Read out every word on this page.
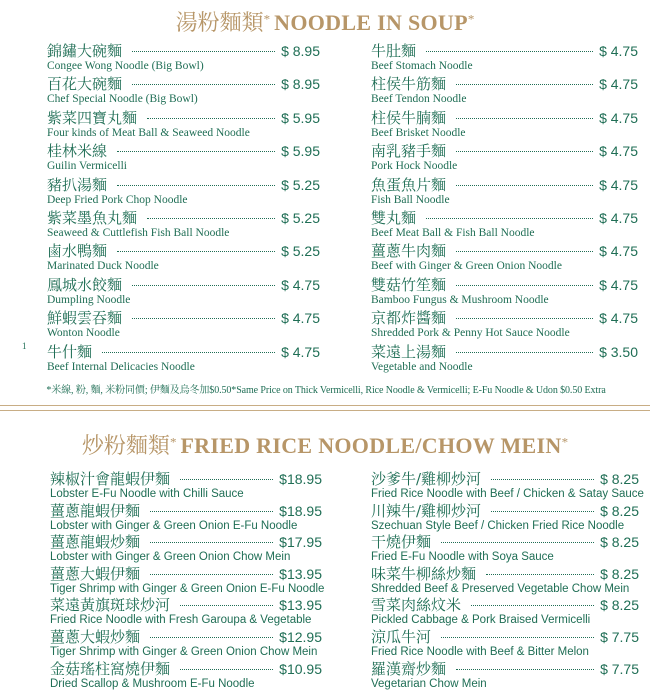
湯粉麵類* NOODLE IN SOUP*
錦鏽大碗麵	$ 8.95
Congee Wong Noodle (Big Bowl)
百花大碗麵	$ 8.95
Chef Special Noodle (Big Bowl)
紫菜四寶丸麵	$ 5.95
Four kinds of Meat Ball & Seaweed Noodle
桂林米線	$ 5.95
Guilin Vermicelli
豬扒湯麵	$ 5.25
Deep Fried Pork Chop Noodle
紫菜墨魚丸麵	$ 5.25
Seaweed & Cuttlefish Fish Ball Noodle
鹵水鴨麵	$ 5.25
Marinated Duck Noodle
鳳城水餃麵	$ 4.75
Dumpling Noodle
鮮蝦雲吞麵	$ 4.75
Wonton Noodle
牛什麵	$ 4.75
Beef Internal Delicacies Noodle
牛肚麵	$ 4.75
Beef Stomach Noodle
柱侯牛筋麵	$ 4.75
Beef Tendon Noodle
柱侯牛腩麵	$ 4.75
Beef Brisket Noodle
南乳豬手麵	$ 4.75
Pork Hock Noodle
魚蛋魚片麵	$ 4.75
Fish Ball Noodle
雙丸麵	$ 4.75
Beef Meat Ball & Fish Ball Noodle
薑蔥牛肉麵	$ 4.75
Beef with Ginger & Green Onion Noodle
雙菇竹笙麵	$ 4.75
Bamboo Fungus & Mushroom Noodle
京都炸醬麵	$ 4.75
Shredded Pork & Penny Hot Sauce Noodle
菜遠上湯麵	$ 3.50
Vegetable and Noodle
1
*米線, 粉, 麵, 米粉同價; 伊麵及烏冬加$0.50*Same Price on Thick Vermicelli, Rice Noodle & Vermicelli; E-Fu Noodle & Udon $0.50 Extra
炒粉麵類* FRIED RICE NOODLE/CHOW MEIN*
辣椒汁會龍蝦伊麵	$18.95
Lobster E-Fu Noodle with Chilli Sauce
薑蔥龍蝦伊麵	$18.95
Lobster with Ginger & Green Onion E-Fu Noodle
薑蔥龍蝦炒麵	$17.95
Lobster with Ginger & Green Onion Chow Mein
薑蔥大蝦伊麵	$13.95
Tiger Shrimp with Ginger & Green Onion E-Fu Noodle
菜遠黃旗斑球炒河	$13.95
Fried Rice Noodle with Fresh Garoupa & Vegetable
薑蔥大蝦炒麵	$12.95
Tiger Shrimp with Ginger & Green Onion Chow Mein
金菇瑤柱窩燒伊麵	$10.95
Dried Scallop & Mushroom E-Fu Noodle
沙爹牛/雞柳炒河	$ 8.25
Fried Rice Noodle with Beef / Chicken & Satay Sauce
川辣牛/雞柳炒河	$ 8.25
Szechuan Style Beef / Chicken Fried Rice Noodle
干燒伊麵	$ 8.25
Fried E-Fu Noodle with Soya Sauce
味菜牛柳絲炒麵	$ 8.25
Shredded Beef & Preserved Vegetable Chow Mein
雪菜肉絲炆米	$ 8.25
Pickled Cabbage & Pork Braised Vermicelli
涼瓜牛河	$ 7.75
Fried Rice Noodle with Beef & Bitter Melon
羅漢齋炒麵	$ 7.75
Vegetarian Chow Mein
